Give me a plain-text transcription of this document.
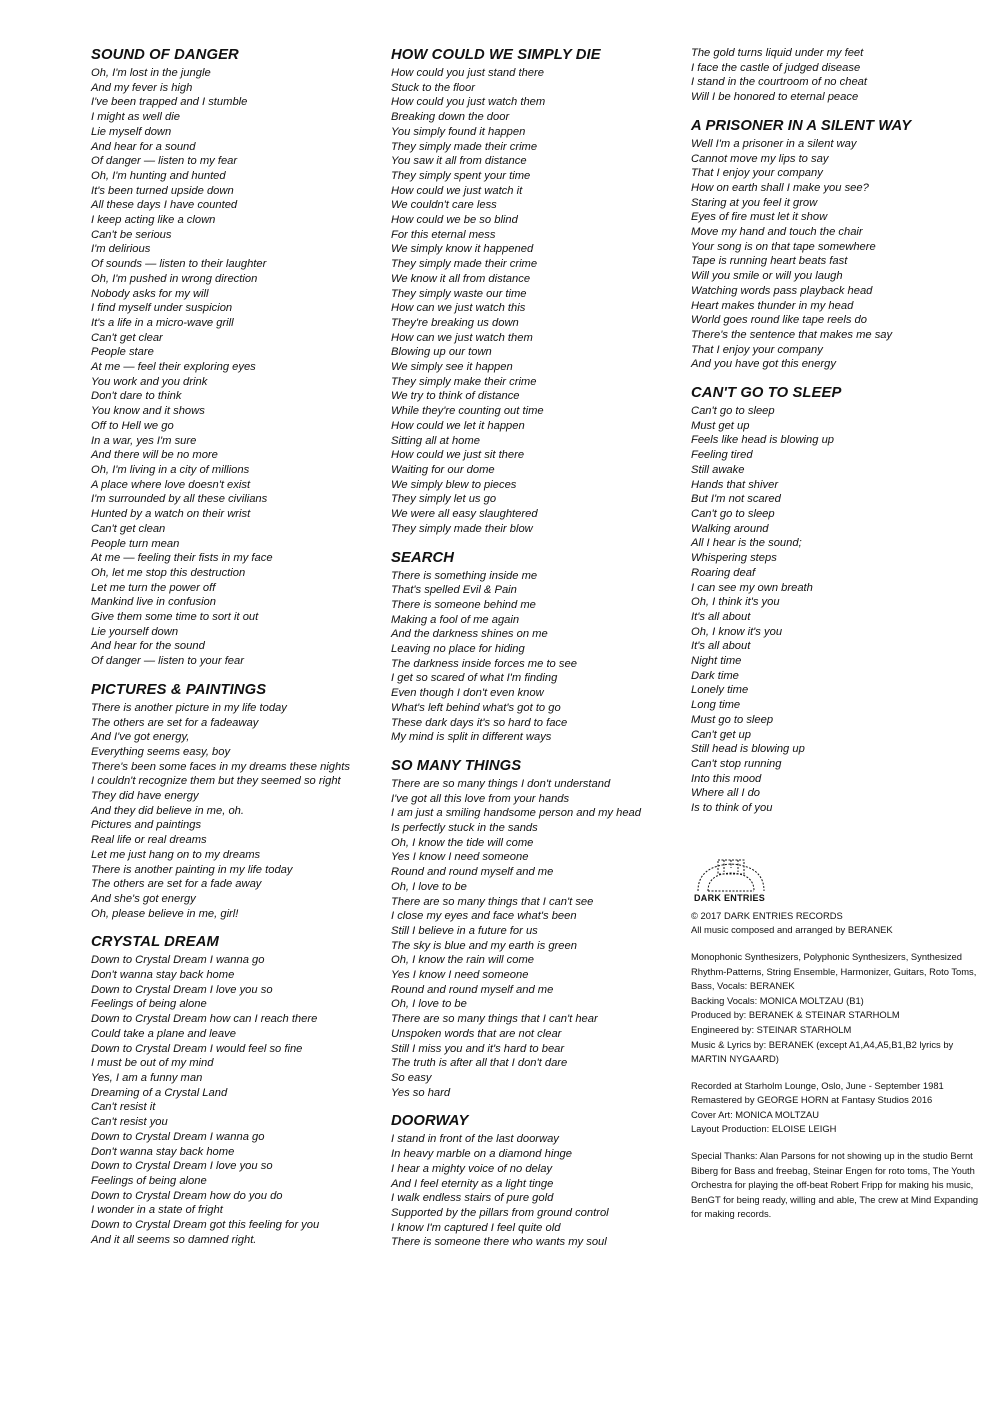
SOUND OF DANGER
Oh, I'm lost in the jungle
And my fever is high
I've been trapped and I stumble
I might as well die
Lie myself down
And hear for a sound
Of danger — listen to my fear
Oh, I'm hunting and hunted
It's been turned upside down
All these days I have counted
I keep acting like a clown
Can't be serious
I'm delirious
Of sounds — listen to their laughter
Oh, I'm pushed in wrong direction
Nobody asks for my will
I find myself under suspicion
It's a life in a micro-wave grill
Can't get clear
People stare
At me — feel their exploring eyes
You work and you drink
Don't dare to think
You know and it shows
Off to Hell we go
In a war, yes I'm sure
And there will be no more
Oh, I'm living in a city of millions
A place where love doesn't exist
I'm surrounded by all these civilians
Hunted by a watch on their wrist
Can't get clean
People turn mean
At me — feeling their fists in my face
Oh, let me stop this destruction
Let me turn the power off
Mankind live in confusion
Give them some time to sort it out
Lie yourself down
And hear for the sound
Of danger — listen to your fear
PICTURES & PAINTINGS
There is another picture in my life today
The others are set for a fadeaway
And I've got energy,
Everything seems easy, boy
There's been some faces in my dreams these nights
I couldn't recognize them but they seemed so right
They did have energy
And they did believe in me, oh.
Pictures and paintings
Real life or real dreams
Let me just hang on to my dreams
There is another painting in my life today
The others are set for a fade away
And she's got energy
Oh, please believe in me, girl!
CRYSTAL DREAM
Down to Crystal Dream I wanna go
Don't wanna stay back home
Down to Crystal Dream I love you so
Feelings of being alone
Down to Crystal Dream how can I reach there
Could take a plane and leave
Down to Crystal Dream I would feel so fine
I must be out of my mind
Yes, I am a funny man
Dreaming of a Crystal Land
Can't resist it
Can't resist you
Down to Crystal Dream I wanna go
Don't wanna stay back home
Down to Crystal Dream I love you so
Feelings of being alone
Down to Crystal Dream how do you do
I wonder in a state of fright
Down to Crystal Dream got this feeling for you
And it all seems so damned right.
HOW COULD WE SIMPLY DIE
How could you just stand there
Stuck to the floor
How could you just watch them
Breaking down the door
You simply found it happen
They simply made their crime
You saw it all from distance
They simply spent your time
How could we just watch it
We couldn't care less
How could we be so blind
For this eternal mess
We simply know it happened
They simply made their crime
We know it all from distance
They simply waste our time
How can we just watch this
They're breaking us down
How can we just watch them
Blowing up our town
We simply see it happen
They simply make their crime
We try to think of distance
While they're counting out time
How could we let it happen
Sitting all at home
How could we just sit there
Waiting for our dome
We simply blew to pieces
They simply let us go
We were all easy slaughtered
They simply made their blow
SEARCH
There is something inside me
That's spelled Evil & Pain
There is someone behind me
Making a fool of me again
And the darkness shines on me
Leaving no place for hiding
The darkness inside forces me to see
I get so scared of what I'm finding
Even though I don't even know
What's left behind what's got to go
These dark days it's so hard to face
My mind is split in different ways
SO MANY THINGS
There are so many things I don't understand
I've got all this love from your hands
I am just a smiling handsome person and my head
Is perfectly stuck in the sands
Oh, I know the tide will come
Yes I know I need someone
Round and round myself and me
Oh, I love to be
There are so many things that I can't see
I close my eyes and face what's been
Still I believe in a future for us
The sky is blue and my earth is green
Oh, I know the rain will come
Yes I know I need someone
Round and round myself and me
Oh, I love to be
There are so many things that I can't hear
Unspoken words that are not clear
Still I miss you and it's hard to bear
The truth is after all that I don't dare
So easy
Yes so hard
DOORWAY
I stand in front of the last doorway
In heavy marble on a diamond hinge
I hear a mighty voice of no delay
And I feel eternity as a light tinge
I walk endless stairs of pure gold
Supported by the pillars from ground control
I know I'm captured I feel quite old
There is someone there who wants my soul
The gold turns liquid under my feet
I face the castle of judged disease
I stand in the courtroom of no cheat
Will I be honored to eternal peace
A PRISONER IN A SILENT WAY
Well I'm a prisoner in a silent way
Cannot move my lips to say
That I enjoy your company
How on earth shall I make you see?
Staring at you feel it grow
Eyes of fire must let it show
Move my hand and touch the chair
Your song is on that tape somewhere
Tape is running heart beats fast
Will you smile or will you laugh
Watching words pass playback head
Heart makes thunder in my head
World goes round like tape reels do
There's the sentence that makes me say
That I enjoy your company
And you have got this energy
CAN'T GO TO SLEEP
Can't go to sleep
Must get up
Feels like head is blowing up
Feeling tired
Still awake
Hands that shiver
But I'm not scared
Can't go to sleep
Walking around
All I hear is the sound;
Whispering steps
Roaring deaf
I can see my own breath
Oh, I think it's you
It's all about
Oh, I know it's you
It's all about
Night time
Dark time
Lonely time
Long time
Must go to sleep
Can't get up
Still head is blowing up
Can't stop running
Into this mood
Where all I do
Is to think of you
DARK ENTRIES
© 2017 DARK ENTRIES RECORDS
All music composed and arranged by BERANEK
Monophonic Synthesizers, Polyphonic Synthesizers, Synthesized Rhythm-Patterns, String Ensemble, Harmonizer, Guitars, Roto Toms, Bass, Vocals: BERANEK
Backing Vocals: MONICA MOLTZAU (B1)
Produced by: BERANEK & STEINAR STARHOLM
Engineered by: STEINAR STARHOLM
Music & Lyrics by: BERANEK (except A1,A4,A5,B1,B2 lyrics by MARTIN NYGAARD)
Recorded at Starholm Lounge, Oslo, June - September 1981
Remastered by GEORGE HORN at Fantasy Studios 2016
Cover Art: MONICA MOLTZAU
Layout Production: ELOISE LEIGH
Special Thanks: Alan Parsons for not showing up in the studio Bernt Biberg for Bass and freebag, Steinar Engen for roto toms, The Youth Orchestra for playing the off-beat Robert Fripp for making his music, BenGT for being ready, willing and able, The crew at Mind Expanding for making records.
